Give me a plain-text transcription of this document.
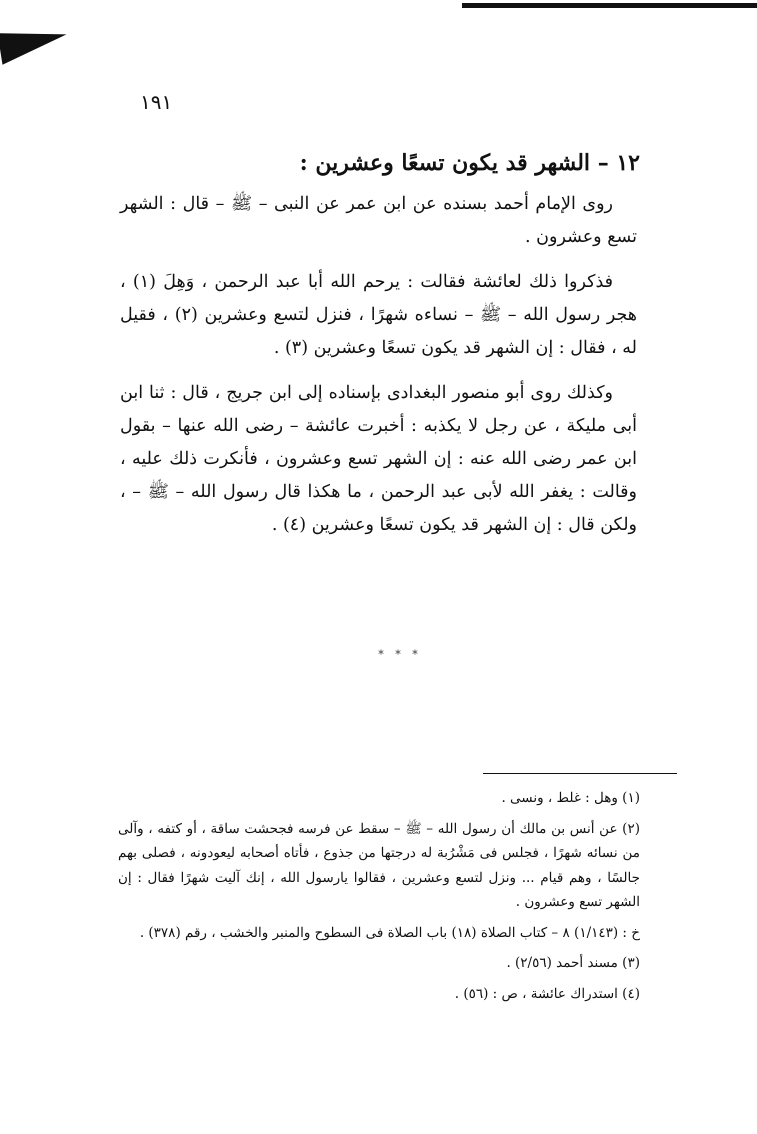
١٩١
١٢ – الشهر قد يكون تسعًا وعشرين :

روى الإمام أحمد بسنده عن ابن عمر عن النبى – ﷺ – قال : الشهر تسع وعشرون .

فذكروا ذلك لعائشة فقالت : يرحم الله أبا عبد الرحمن ، وَهِلَ (١) ، هجر رسول الله – ﷺ – نساءه شهرًا ، فنزل لتسع وعشرين (٢) ، فقيل له ، فقال : إن الشهر قد يكون تسعًا وعشرين (٣) .

وكذلك روى أبو منصور البغدادى بإسناده إلى ابن جريج ، قال : ثنا ابن أبى مليكة ، عن رجل لا يكذبه : أخبرت عائشة – رضى الله عنها – بقول ابن عمر رضى الله عنه : إن الشهر تسع وعشرون ، فأنكرت ذلك عليه ، وقالت : يغفر الله لأبى عبد الرحمن ، ما هكذا قال رسول الله – ﷺ – ، ولكن قال : إن الشهر قد يكون تسعًا وعشرين (٤) .

* * *

(١) وهل : غلط ، ونسى .

(٢) عن أنس بن مالك أن رسول الله – ﷺ – سقط عن فرسه فجحشت ساقة ، أو كتفه ، وآلى من نسائه شهرًا ، فجلس فى مَشْرُبة له درجتها من جذوع ، فأتاه أصحابه ليعودونه ، فصلى بهم جالسًا ، وهم قيام ... ونزل لتسع وعشرين ، فقالوا يارسول الله ، إنك آليت شهرًا فقال : إن الشهر تسع وعشرون .

خ : (١/١٤٣) ٨ – كتاب الصلاة (١٨) باب الصلاة فى السطوح والمنبر والخشب ، رقم (٣٧٨) .

(٣) مسند أحمد (٢/٥٦) .

(٤) استدراك عائشة ، ص : (٥٦) .
